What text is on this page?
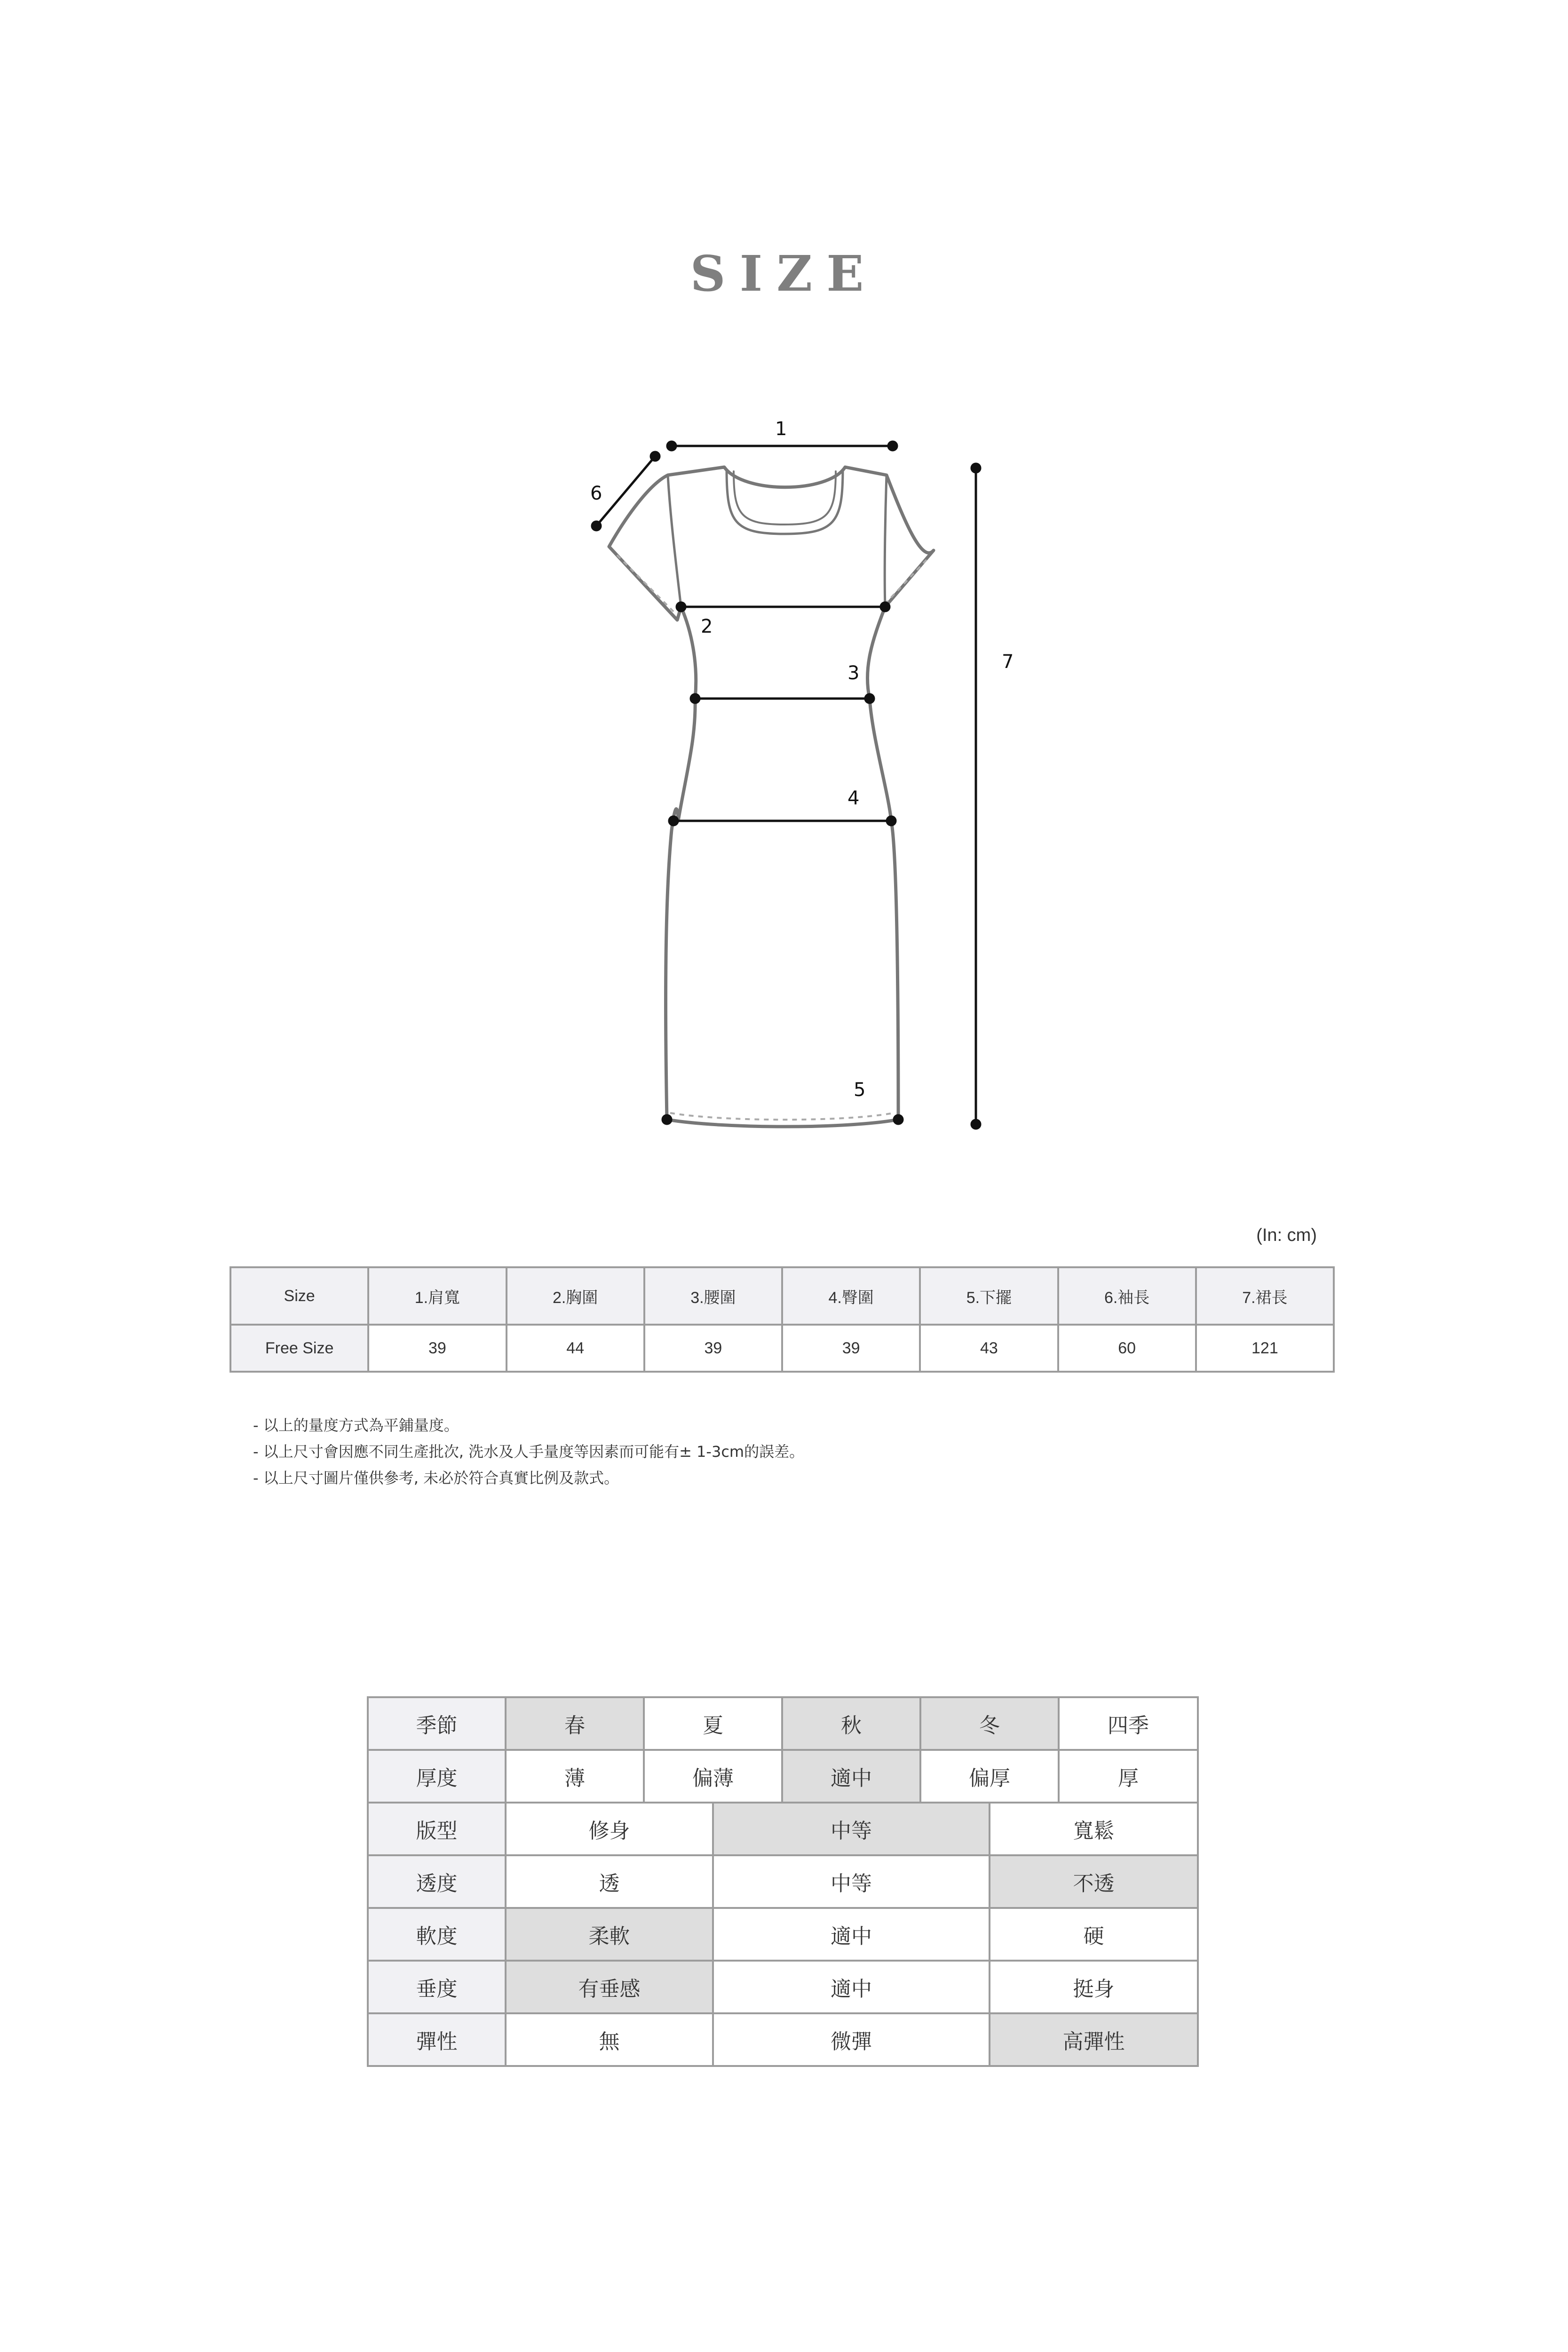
SIZE
1
2
3
4
5
6
7
(In: cm)
Size	1.肩寬	2.胸圍	3.腰圍	4.臀圍	5.下擺	6.袖長	7.裙長
Free Size	39	44	39	39	43	60	121
- 以上的量度方式為平鋪量度。
- 以上尺寸會因應不同生產批次, 洗水及人手量度等因素而可能有± 1-3cm的誤差。
- 以上尺寸圖片僅供參考, 未必於符合真實比例及款式。
季節	春	夏		秋	冬		四季
厚度	薄	偏薄		適中	偏厚		厚
版型	修身		中等			寬鬆	
透度	透		中等			不透	
軟度	柔軟		適中			硬	
垂度	有垂感		適中			挺身	
彈性	無		微彈			高彈性	
